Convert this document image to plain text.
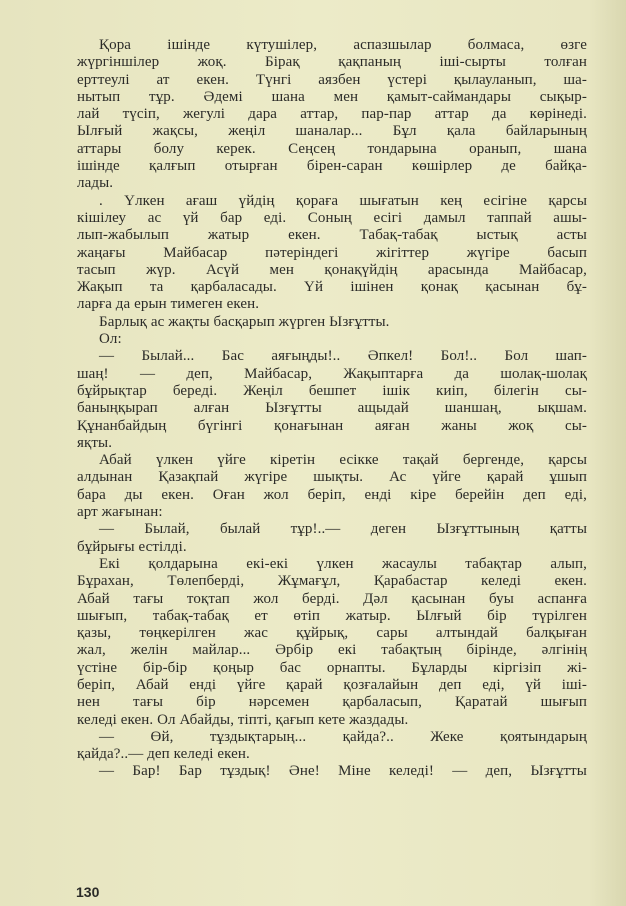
Қора ішінде күтушілер, аспазшылар болмаса, өзге
жүргіншілер жоқ. Бірақ қақпаның іші-сырты толған
ерттеулі ат екен. Түнгі аязбен үстері қылауланып, ша-
нытып тұр. Әдемі шана мен қамыт-саймандары сықыр-
лай түсіп, жегулі дара аттар, пар-пар аттар да көрінеді.
Ылғый жақсы, жеңіл шаналар... Бұл қала байларының
аттары болу керек. Сеңсең тондарына оранып, шана
ішінде қалғып отырған бірен-саран көшірлер де байқа-
лады.
. Үлкен ағаш үйдің қораға шығатын кең есігіне қарсы
кішілеу ас үй бар еді. Соның есігі дамыл таппай ашы-
лып-жабылып жатыр екен. Табақ-табақ ыстық асты
жаңағы Майбасар пәтеріндегі жігіттер жүгіре басып
тасып жүр. Асүй мен қонақүйдің арасында Майбасар,
Жақып та қарбаласады. Үй ішінен қонақ қасынан бұ-
ларға да ерын тимеген екен.
Барлық ас жақты басқарып жүрген Ызғұтты.
Ол:
— Былай... Бас аяғыңды!.. Әпкел! Бол!.. Бол шап-
шаң! — деп, Майбасар, Жақыптарға да шолақ-шолақ
бұйрықтар береді. Жеңіл бешпет ішік киіп, білегін сы-
баныңқырап алған Ызғұтты ащыдай шаншаң, ықшам.
Құнанбайдың бүгінгі қонағынан аяған жаны жоқ сы-
яқты.
Абай үлкен үйге кіретін есікке тақай бергенде, қарсы
алдынан Қазақпай жүгіре шықты. Ас үйге қарай ұшып
бара ды екен. Оған жол беріп, енді кіре берейін деп еді,
арт жағынан:
— Былай, былай тұр!..— деген Ызғұттының қатты
бұйрығы естілді.
Екі қолдарына екі-екі үлкен жасаулы табақтар алып,
Бұрахан, Төлепберді, Жұмағұл, Қарабастар келеді екен.
Абай тағы тоқтап жол берді. Дәл қасынан буы аспанға
шығып, табақ-табақ ет өтіп жатыр. Ылғый бір түрілген
қазы, төңкерілген жас құйрық, сары алтындай балқыған
жал, желін майлар... Әрбір екі табақтың бірінде, әлгінің
үстіне бір-бір қоңыр бас орнапты. Бұларды кіргізіп жі-
беріп, Абай енді үйге қарай қозғалайын деп еді, үй іші-
нен тағы бір нәрсемен қарбаласып, Қаратай шығып
келеді екен. Ол Абайды, тіпті, қағып кете жаздады.
— Өй, тұздықтарың... қайда?.. Жеке қоятындарың
қайда?..— деп келеді екен.
— Бар! Бар тұздық! Әне! Міне келеді! — деп, Ызғұтты
130
